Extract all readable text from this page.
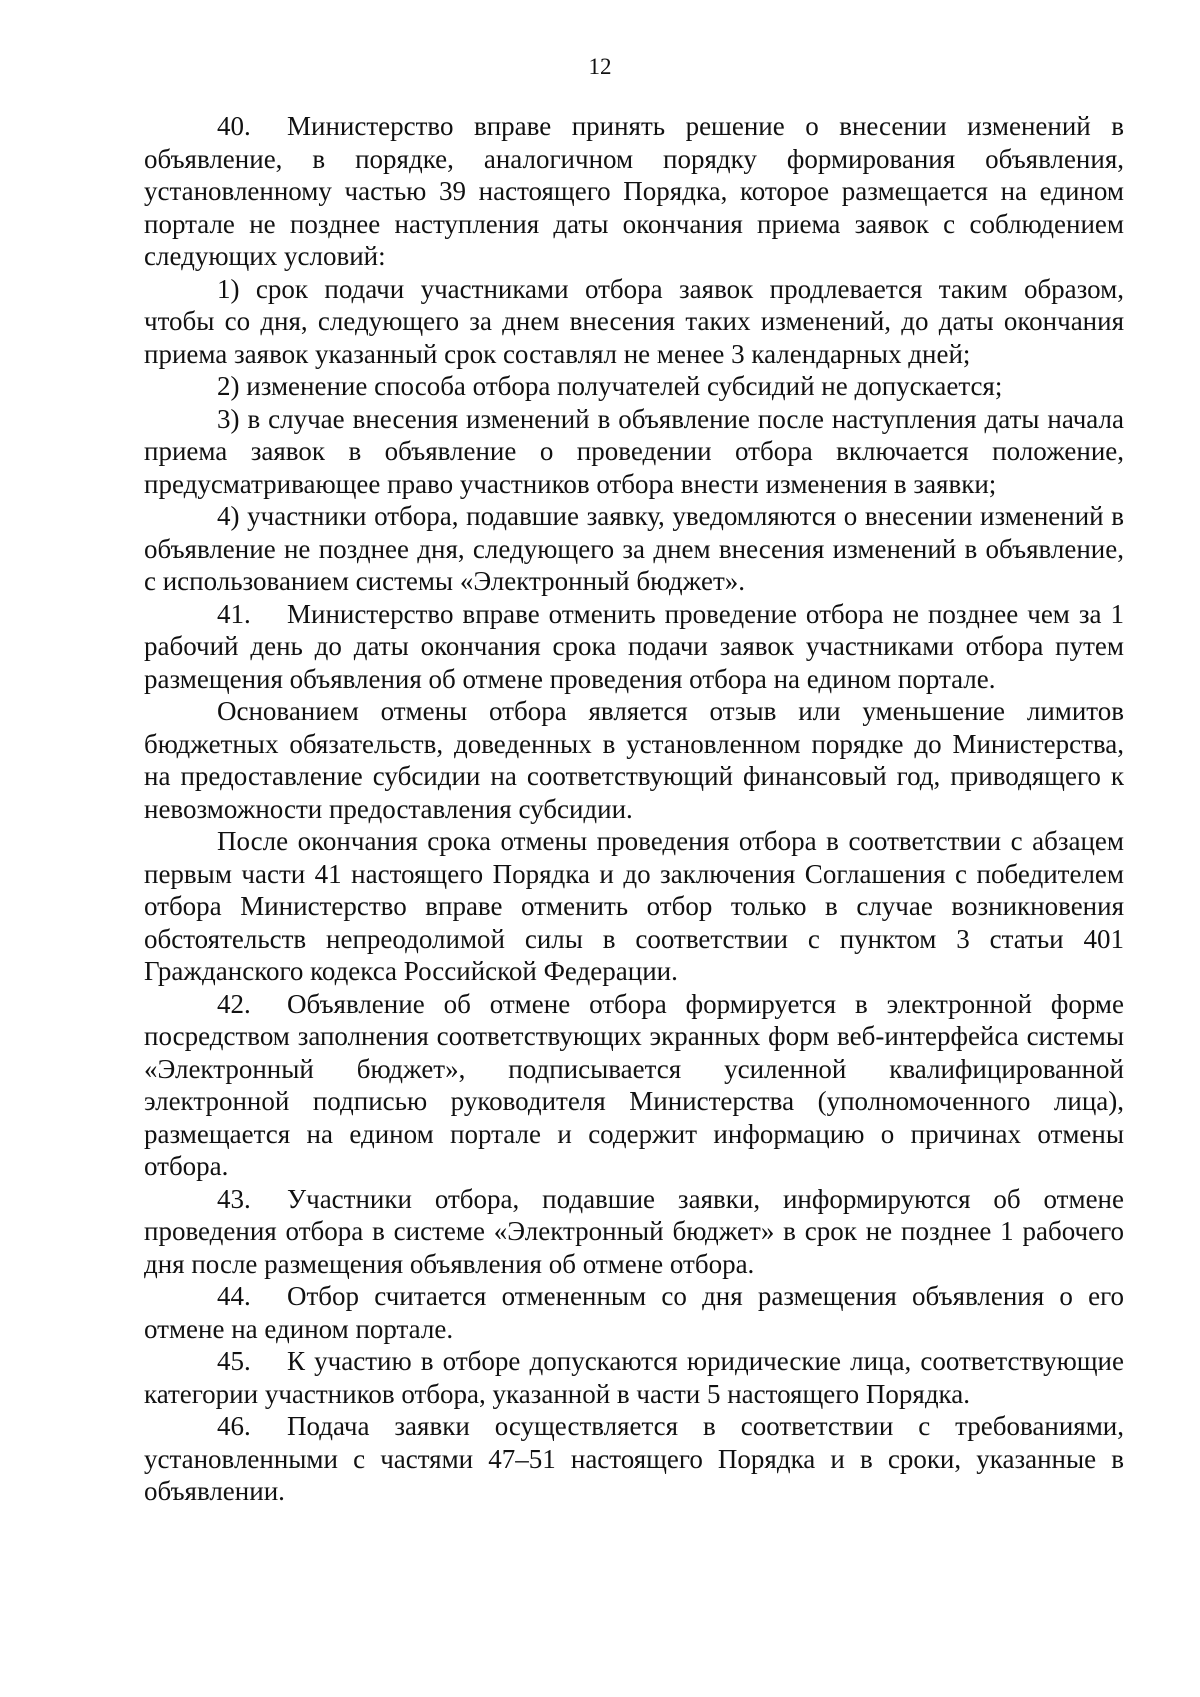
12

40. Министерство вправе принять решение о внесении изменений в объявление, в порядке, аналогичном порядку формирования объявления, установленному частью 39 настоящего Порядка, которое размещается на едином портале не позднее наступления даты окончания приема заявок с соблюдением следующих условий:

1) срок подачи участниками отбора заявок продлевается таким образом, чтобы со дня, следующего за днем внесения таких изменений, до даты окончания приема заявок указанный срок составлял не менее 3 календарных дней;

2) изменение способа отбора получателей субсидий не допускается;

3) в случае внесения изменений в объявление после наступления даты начала приема заявок в объявление о проведении отбора включается положение, предусматривающее право участников отбора внести изменения в заявки;

4) участники отбора, подавшие заявку, уведомляются о внесении изменений в объявление не позднее дня, следующего за днем внесения изменений в объявление, с использованием системы «Электронный бюджет».

41. Министерство вправе отменить проведение отбора не позднее чем за 1 рабочий день до даты окончания срока подачи заявок участниками отбора путем размещения объявления об отмене проведения отбора на едином портале.

Основанием отмены отбора является отзыв или уменьшение лимитов бюджетных обязательств, доведенных в установленном порядке до Министерства, на предоставление субсидии на соответствующий финансовый год, приводящего к невозможности предоставления субсидии.

После окончания срока отмены проведения отбора в соответствии с абзацем первым части 41 настоящего Порядка и до заключения Соглашения с победителем отбора Министерство вправе отменить отбор только в случае возникновения обстоятельств непреодолимой силы в соответствии с пунктом 3 статьи 401 Гражданского кодекса Российской Федерации.

42. Объявление об отмене отбора формируется в электронной форме посредством заполнения соответствующих экранных форм веб-интерфейса системы «Электронный бюджет», подписывается усиленной квалифицированной электронной подписью руководителя Министерства (уполномоченного лица), размещается на едином портале и содержит информацию о причинах отмены отбора.

43. Участники отбора, подавшие заявки, информируются об отмене проведения отбора в системе «Электронный бюджет» в срок не позднее 1 рабочего дня после размещения объявления об отмене отбора.

44. Отбор считается отмененным со дня размещения объявления о его отмене на едином портале.

45. К участию в отборе допускаются юридические лица, соответствующие категории участников отбора, указанной в части 5 настоящего Порядка.

46. Подача заявки осуществляется в соответствии с требованиями, установленными с частями 47–51 настоящего Порядка и в сроки, указанные в объявлении.
